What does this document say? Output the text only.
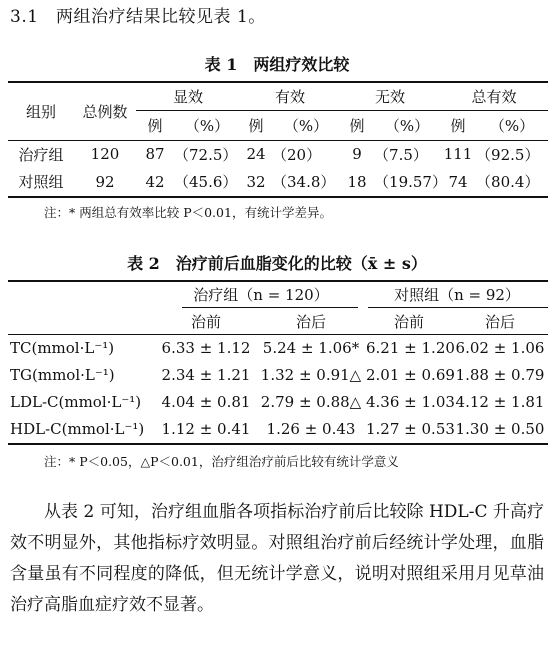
3.1　两组治疗结果比较见表 1。
表 1　两组疗效比较
组别	总例数	显效		有效		无效		总有效	
		例	（%）	例	（%）	例	（%）	例	（%）
治疗组	120	87	（72.5）	24	（20）	9	（7.5）	111	（92.5）
对照组	92	42	（45.6）	32	（34.8）	18	（19.57）	74	（80.4）
注：* 两组总有效率比较 P＜0.01，有统计学差异。
表 2　治疗前后血脂变化的比较（x̄ ± s）
	治疗组（n = 120）		对照组（n = 92）	
	治前	治后	治前	治后
TC(mmol·L⁻¹)	6.33 ± 1.12	5.24 ± 1.06*	6.21 ± 1.20	6.02 ± 1.06
TG(mmol·L⁻¹)	2.34 ± 1.21	1.32 ± 0.91△	2.01 ± 0.69	1.88 ± 0.79
LDL-C(mmol·L⁻¹)	4.04 ± 0.81	2.79 ± 0.88△	4.36 ± 1.03	4.12 ± 1.81
HDL-C(mmol·L⁻¹)	1.12 ± 0.41	1.26 ± 0.43	1.27 ± 0.53	1.30 ± 0.50
注：* P＜0.05，△P＜0.01，治疗组治疗前后比较有统计学意义

从表 2 可知，治疗组血脂各项指标治疗前后比较除 HDL-C 升高疗效不明显外，其他指标疗效明显。对照组治疗前后经统计学处理，血脂含量虽有不同程度的降低，但无统计学意义，说明对照组采用月见草油治疗高脂血症疗效不显著。
